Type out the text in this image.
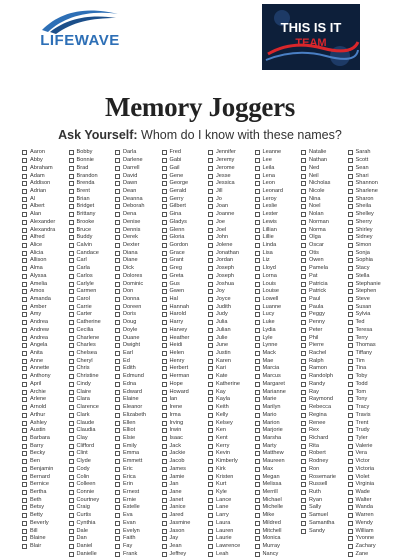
LIFEWAVE
THIS IS IT
TEAM
Memory Joggers
Ask Yourself: Whom do I know with these names?
Aaron
Abby
Abraham
Adam
Addison
Adrian
Al
Albert
Alan
Alexander
Alexandra
Alfred
Alice
Alicia
Allison
Alma
Alyssa
Amelia
Amos
Amanda
Amber
Amy
Andrea
Andrew
Andrea
Angela
Anita
Anne
Annette
Anthony
April
Archie
Arlene
Arnold
Arthur
Ashley
Austin
Barbara
Barry
Becky
Ben
Benjamin
Bernard
Bernice
Bertha
Beth
Betsy
Betty
Beverly
Bill
Blaine
Blair
Bobby
Bonnie
Brad
Brandon
Brenda
Brent
Brian
Bridget
Brittany
Brooke
Bruce
Buddy
Calvin
Candace
Carl
Carla
Carlos
Carlyle
Carmen
Carol
Carrie
Carter
Catherine
Cecilia
Charlene
Charles
Chelsea
Cheryl
Chris
Christine
Cindy
Claire
Clara
Clarence
Clark
Claude
Claudia
Clay
Clifford
Clint
Clyde
Cody
Colin
Colleen
Connie
Courtney
Craig
Curtis
Cynthia
Dale
Dan
Daniel
Danielle
Darla
Darlene
Darrell
David
Dawn
Dean
Deanna
Deborah
Dena
Denise
Dennis
Derek
Dexter
Diana
Diane
Dick
Dolores
Dominic
Don
Donna
Doreen
Doris
Doug
Doyle
Duane
Dwight
Earl
Ed
Edith
Edmund
Edna
Edward
Elaine
Eleanor
Elizabeth
Ellen
Elliot
Elsie
Emily
Emma
Emmett
Eric
Erica
Erin
Ernest
Ernie
Estelle
Eva
Evan
Evelyn
Faith
Fay
Frank
Fred
Gabi
Gail
Gene
George
Gerald
Gerry
Gilbert
Gina
Gladys
Glenn
Gloria
Gordon
Grace
Grant
Greg
Greta
Gus
Gwen
Hal
Hannah
Harold
Harry
Harvey
Heather
Heidi
Helen
Henry
Herbert
Herman
Hope
Howard
Ian
Irene
Irma
Irving
Irwin
Isaac
Jack
Jackie
Jacob
James
Jamie
Jan
Jane
Janet
Janice
Jared
Jasmine
Jason
Jay
Jean
Jeffrey
Jennifer
Jeremy
Jerome
Jesse
Jessica
Jill
Jo
Joan
Joanne
Joe
Joel
John
Jolene
Jonathan
Jordan
Joseph
Joseph
Joshua
Joy
Joyce
Judith
Judy
Julia
Julian
Julie
June
Justin
Karen
Kari
Kate
Katherine
Kay
Kayla
Keith
Kelly
Kelsey
Ken
Kent
Kerry
Kevin
Kimberly
Kirk
Kristen
Kurt
Kyle
Lance
Lane
Larry
Laura
Lauren
Laurie
Lawrence
Leah
Leanne
Lee
Leila
Lena
Leon
Leonard
Leroy
Leslie
Lester
Lewis
Lillian
Lillie
Linda
Lisa
Liz
Lloyd
Lorna
Louis
Louise
Lowell
Luanne
Lucy
Luke
Lydia
Lyle
Lynne
Mack
Mae
Marcia
Marcus
Margaret
Marianne
Marie
Marilyn
Mario
Marion
Marjorie
Marsha
Marty
Matthew
Maureen
Max
Megan
Melissa
Merrill
Michael
Michelle
Mike
Mildred
Mitchell
Monica
Murray
Nancy
Natalie
Nathan
Ned
Neil
Nicholas
Nicole
Nina
Noel
Nolan
Norman
Norma
Olga
Oscar
Otis
Owen
Pamela
Pat
Patricia
Patrick
Paul
Paula
Peggy
Penny
Peter
Phil
Pierre
Rachel
Ralph
Ramon
Randolph
Randy
Ray
Raymond
Rebecca
Regina
Renee
Rex
Richard
Rita
Robert
Rodney
Ron
Rosemarie
Russell
Ruth
Ryan
Sally
Samuel
Samantha
Sandy
Sarah
Scott
Sean
Shari
Shannon
Sharlene
Sharon
Sheila
Shelley
Sherry
Shirley
Sidney
Simon
Sonja
Sophia
Stacy
Stella
Stephanie
Stephen
Steve
Susan
Sylvia
Ted
Teresa
Terry
Thomas
Tiffany
Tim
Tina
Toby
Todd
Tom
Tony
Tracy
Travis
Trent
Trudy
Tyler
Valerie
Vera
Victor
Victoria
Violet
Virginia
Wade
Walter
Wanda
Warren
Wendy
William
Yvonne
Zachary
Zane
